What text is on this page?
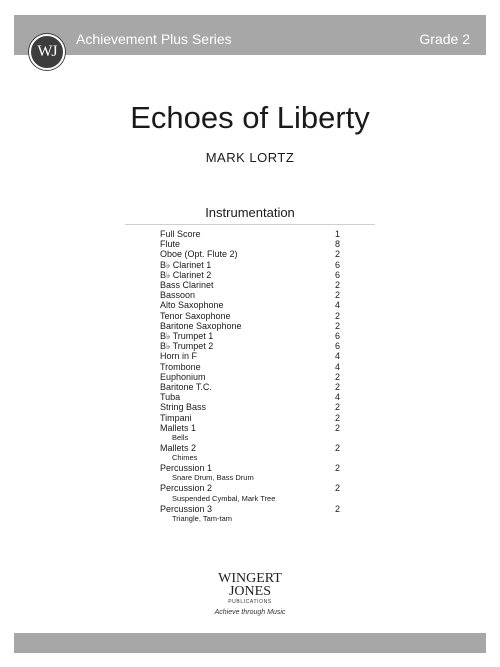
WJ
Achievement Plus Series	Grade 2
Echoes of Liberty
MARK LORTZ
Instrumentation
Full Score	1
Flute	8
Oboe (Opt. Flute 2)	2
B♭ Clarinet 1	6
B♭ Clarinet 2	6
Bass Clarinet	2
Bassoon	2
Alto Saxophone	4
Tenor Saxophone	2
Baritone Saxophone	2
B♭ Trumpet 1	6
B♭ Trumpet 2	6
Horn in F	4
Trombone	4
Euphonium	2
Baritone T.C.	2
Tuba	4
String Bass	2
Timpani	2
Mallets 1	2
Bells
Mallets 2	2
Chimes
Percussion 1	2
Snare Drum, Bass Drum
Percussion 2	2
Suspended Cymbal, Mark Tree
Percussion 3	2
Triangle, Tam-tam
WINGERT
JONES
PUBLICATIONS
Achieve through Music
